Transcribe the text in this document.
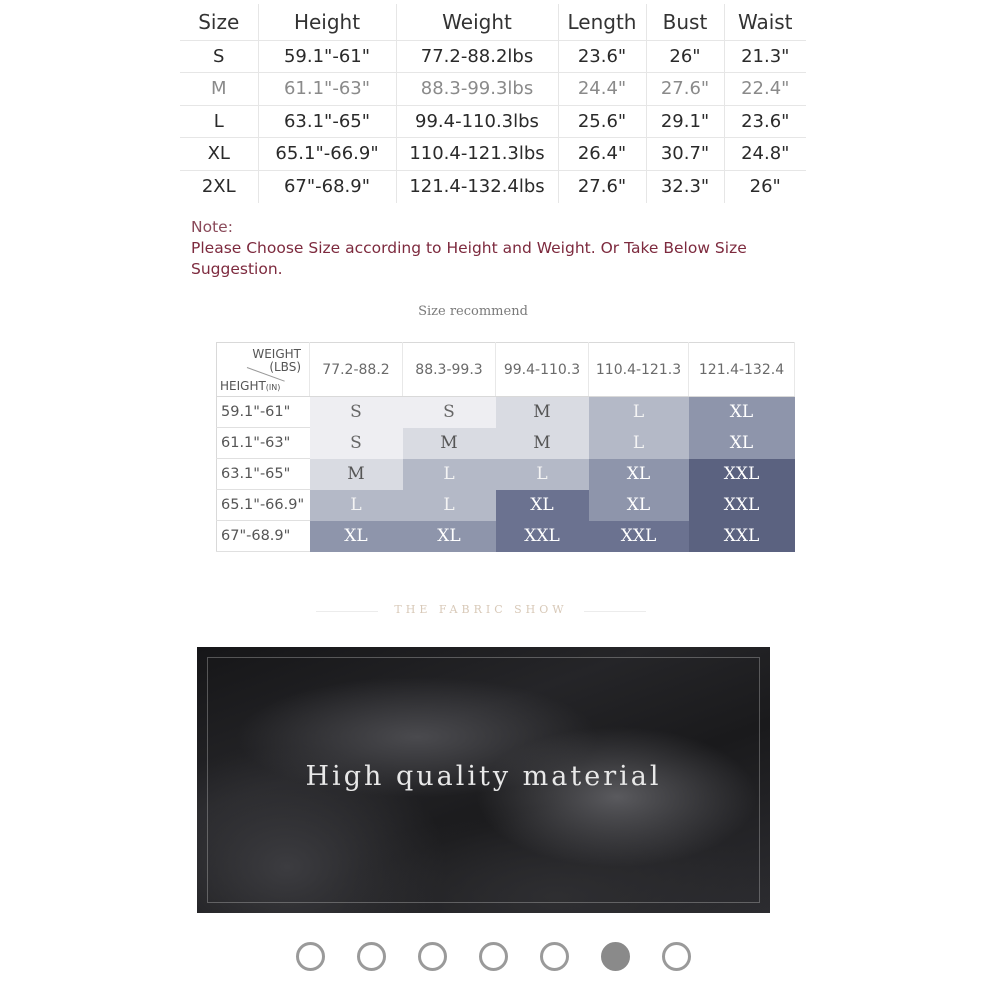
Size	Height	Weight	Length	Bust	Waist
S	59.1"-61"	77.2-88.2lbs	23.6"	26"	21.3"
M	61.1"-63"	88.3-99.3lbs	24.4"	27.6"	22.4"
L	63.1"-65"	99.4-110.3lbs	25.6"	29.1"	23.6"
XL	65.1"-66.9"	110.4-121.3lbs	26.4"	30.7"	24.8"
2XL	67"-68.9"	121.4-132.4lbs	27.6"	32.3"	26"
Note:
Please Choose Size according to Height and Weight. Or Take Below Size Suggestion.
Size recommend
WEIGHT
(LBS)
HEIGHT(IN)	77.2-88.2	88.3-99.3	99.4-110.3	110.4-121.3	121.4-132.4
59.1"-61"	S	S	M	L	XL
61.1"-63"	S	M	M	L	XL
63.1"-65"	M	L	L	XL	XXL
65.1"-66.9"	L	L	XL	XL	XXL
67"-68.9"	XL	XL	XXL	XXL	XXL
THE FABRIC SHOW
High quality material
